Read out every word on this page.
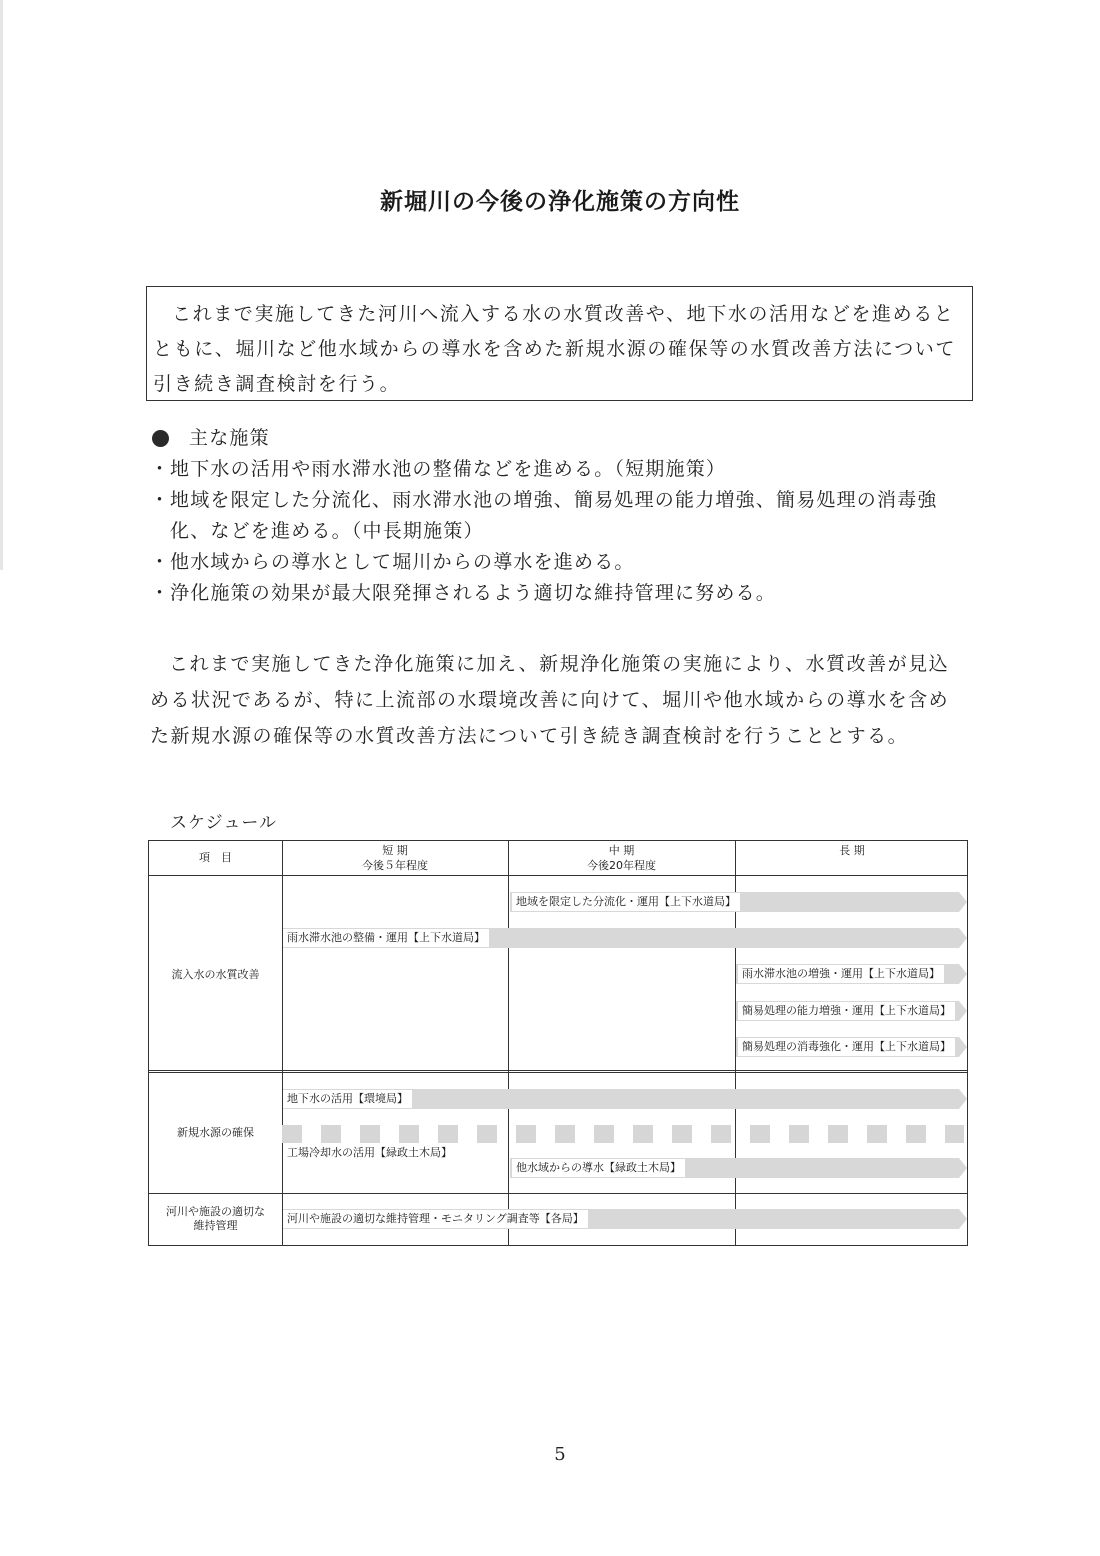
新堀川の今後の浄化施策の方向性

これまで実施してきた河川へ流入する水の水質改善や、地下水の活用などを進めるとともに、堀川など他水域からの導水を含めた新規水源の確保等の水質改善方法について引き続き調査検討を行う。

主な施策
・地下水の活用や雨水滞水池の整備などを進める。（短期施策）
・地域を限定した分流化、雨水滞水池の増強、簡易処理の能力増強、簡易処理の消毒強化、などを進める。（中長期施策）
・他水域からの導水として堀川からの導水を進める。
・浄化施策の効果が最大限発揮されるよう適切な維持管理に努める。
これまで実施してきた浄化施策に加え、新規浄化施策の実施により、水質改善が見込める状況であるが、特に上流部の水環境改善に向けて、堀川や他水域からの導水を含めた新規水源の確保等の水質改善方法について引き続き調査検討を行うこととする。
スケジュール
項　目
短 期
今後５年程度
中 期
今後20年程度
長 期
流入水の水質改善
新規水源の確保
河川や施設の適切な
維持管理
地域を限定した分流化・運用【上下水道局】
雨水滞水池の整備・運用【上下水道局】
雨水滞水池の増強・運用【上下水道局】
簡易処理の能力増強・運用【上下水道局】
簡易処理の消毒強化・運用【上下水道局】
地下水の活用【環境局】
工場冷却水の活用【緑政土木局】
他水域からの導水【緑政土木局】
河川や施設の適切な維持管理・モニタリング調査等【各局】
5
